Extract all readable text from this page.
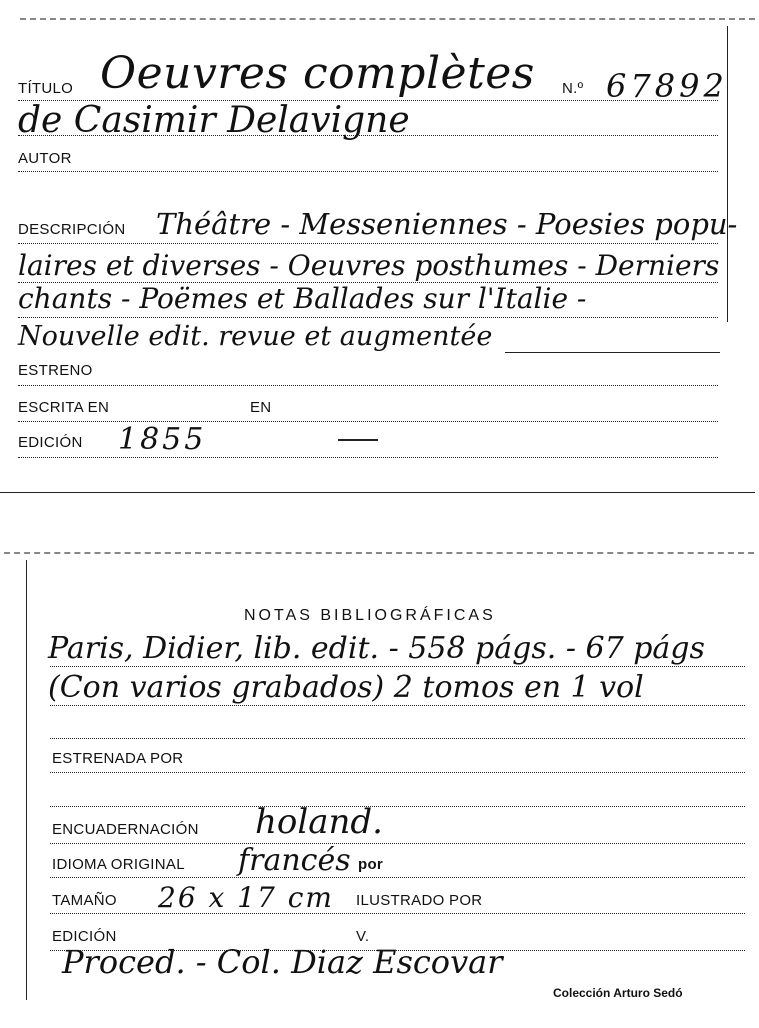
TÍTULO Oeuvres complètes N.º 67892
de Casimir Delavigne
AUTOR
DESCRIPCIÓN Théâtre - Messeniennes - Poesies popu-
laires et diverses - Oeuvres posthumes - Derniers
chants - Poëmes et Ballades sur l'Italie -
Nouvelle edit. revue et augmentée
ESTRENO
ESCRITA EN	EN
EDICIÓN 1855
NOTAS BIBLIOGRÁFICAS
Paris, Didier, lib. edit. - 558 págs. - 67 págs
(Con varios grabados) 2 tomos en 1 vol
ESTRENADA POR
ENCUADERNACIÓN holand.
IDIOMA ORIGINAL francés por
TAMAÑO 26 x 17 cm ILUSTRADO POR
EDICIÓN	V.
Proced. - Col. Diaz Escovar
Colección Arturo Sedó
